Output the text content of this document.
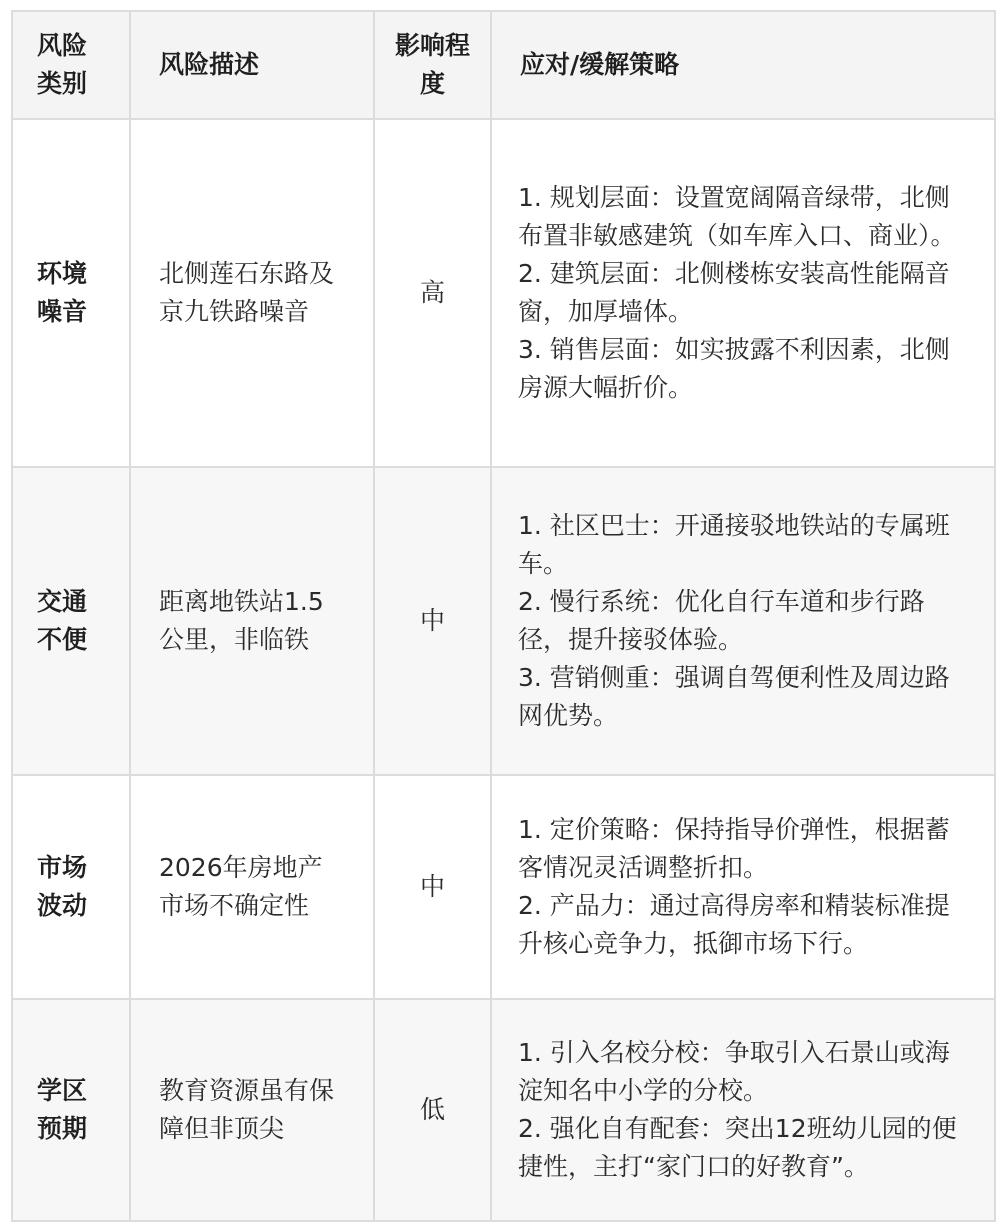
风险类别	风险描述	影响程度	应对/缓解策略
环境噪音	北侧莲石东路及京九铁路噪音	高	1. 规划层面：设置宽阔隔音绿带，北侧布置非敏感建筑（如车库入口、商业）。
2. 建筑层面：北侧楼栋安装高性能隔音窗，加厚墙体。
3. 销售层面：如实披露不利因素，北侧房源大幅折价。

交通不便	距离地铁站1.5公里，非临铁	中	1. 社区巴士：开通接驳地铁站的专属班车。
2. 慢行系统：优化自行车道和步行路径，提升接驳体验。
3. 营销侧重：强调自驾便利性及周边路网优势。

市场波动	2026年房地产市场不确定性	中	1. 定价策略：保持指导价弹性，根据蓄客情况灵活调整折扣。
2. 产品力：通过高得房率和精装标准提升核心竞争力，抵御市场下行。

学区预期	教育资源虽有保障但非顶尖	低	1. 引入名校分校：争取引入石景山或海淀知名中小学的分校。
2. 强化自有配套：突出12班幼儿园的便捷性，主打“家门口的好教育”。
